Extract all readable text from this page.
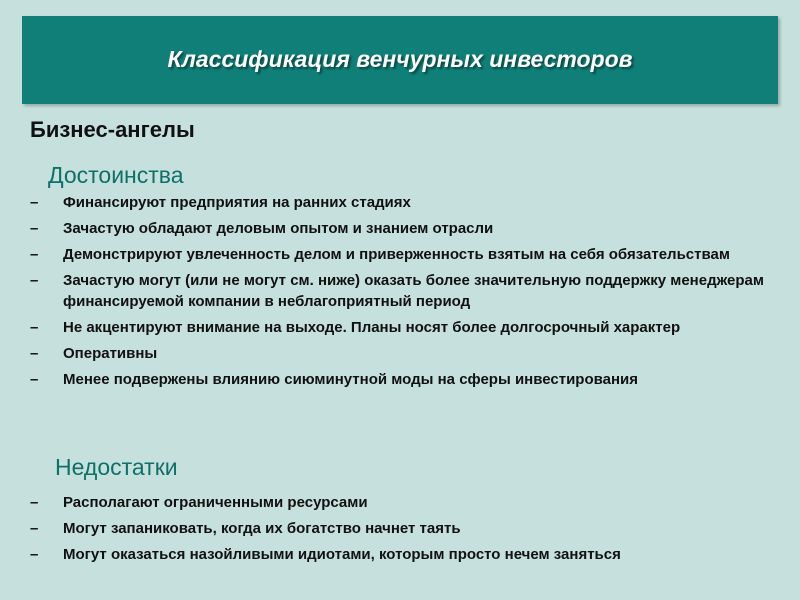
Классификация венчурных инвесторов
Бизнес-ангелы
Достоинства
– Финансируют предприятия на ранних стадиях
– Зачастую обладают деловым опытом и знанием отрасли
– Демонстрируют увлеченность делом и приверженность взятым на себя обязательствам
– Зачастую могут (или не могут см. ниже) оказать более значительную поддержку менеджерам финансируемой компании в неблагоприятный период
– Не акцентируют внимание на выходе. Планы носят более долгосрочный характер
– Оперативны
– Менее подвержены влиянию сиюминутной моды на сферы инвестирования
Недостатки
– Располагают ограниченными ресурсами
– Могут запаниковать, когда их богатство начнет таять
– Могут оказаться назойливыми идиотами, которым просто нечем заняться
